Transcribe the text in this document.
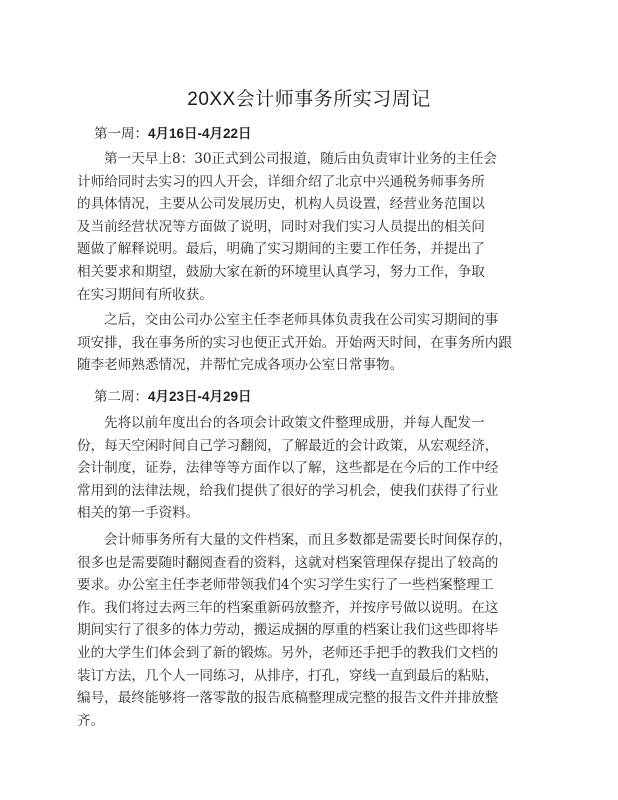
20XX会计师事务所实习周记
第一周：4月16日-4月22日
第一天早上8：30正式到公司报道，随后由负责审计业务的主任会
计师给同时去实习的四人开会，详细介绍了北京中兴通税务师事务所
的具体情况，主要从公司发展历史，机构人员设置，经营业务范围以
及当前经营状况等方面做了说明，同时对我们实习人员提出的相关问
题做了解释说明。最后，明确了实习期间的主要工作任务，并提出了
相关要求和期望，鼓励大家在新的环境里认真学习，努力工作，争取
在实习期间有所收获。
之后，交由公司办公室主任李老师具体负责我在公司实习期间的事
项安排，我在事务所的实习也便正式开始。开始两天时间，在事务所内跟
随李老师熟悉情况，并帮忙完成各项办公室日常事物。
第二周：4月23日-4月29日
先将以前年度出台的各项会计政策文件整理成册，并每人配发一
份，每天空闲时间自己学习翻阅，了解最近的会计政策，从宏观经济，
会计制度，证券，法律等等方面作以了解，这些都是在今后的工作中经
常用到的法律法规，给我们提供了很好的学习机会，使我们获得了行业
相关的第一手资料。
会计师事务所有大量的文件档案，而且多数都是需要长时间保存的，
很多也是需要随时翻阅查看的资料，这就对档案管理保存提出了较高的
要求。办公室主任李老师带领我们4个实习学生实行了一些档案整理工
作。我们将过去两三年的档案重新码放整齐，并按序号做以说明。在这
期间实行了很多的体力劳动，搬运成捆的厚重的档案让我们这些即将毕
业的大学生们体会到了新的锻炼。另外，老师还手把手的教我们文档的
装订方法，几个人一同练习，从排序，打孔，穿线一直到最后的粘贴，
编号，最终能够将一落零散的报告底稿整理成完整的报告文件并排放整
齐。
